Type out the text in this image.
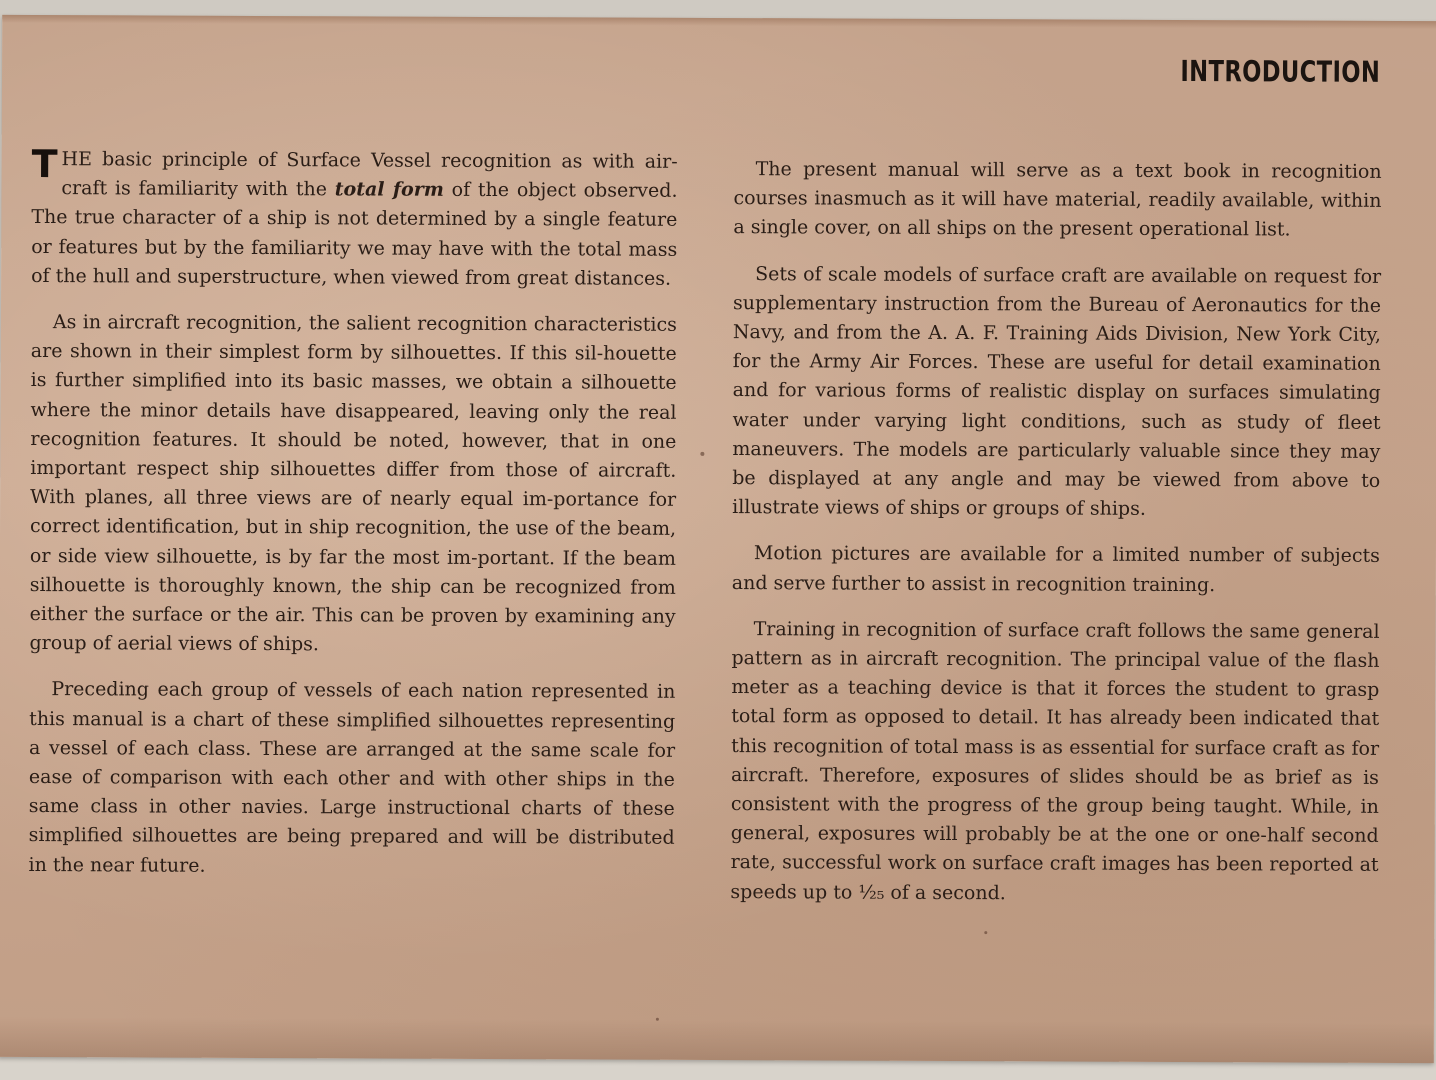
INTRODUCTION

THE basic principle of Surface Vessel recognition as with air-craft is familiarity with the total form of the object observed. The true character of a ship is not determined by a single feature or features but by the familiarity we may have with the total mass of the hull and superstructure, when viewed from great distances.

As in aircraft recognition, the salient recognition characteristics are shown in their simplest form by silhouettes. If this sil-houette is further simplified into its basic masses, we obtain a silhouette where the minor details have disappeared, leaving only the real recognition features. It should be noted, however, that in one important respect ship silhouettes differ from those of aircraft. With planes, all three views are of nearly equal im-portance for correct identification, but in ship recognition, the use of the beam, or side view silhouette, is by far the most im-portant. If the beam silhouette is thoroughly known, the ship can be recognized from either the surface or the air. This can be proven by examining any group of aerial views of ships.

Preceding each group of vessels of each nation represented in this manual is a chart of these simplified silhouettes representing a vessel of each class. These are arranged at the same scale for ease of comparison with each other and with other ships in the same class in other navies. Large instructional charts of these simplified silhouettes are being prepared and will be distributed in the near future.

The present manual will serve as a text book in recognition courses inasmuch as it will have material, readily available, within a single cover, on all ships on the present operational list.

Sets of scale models of surface craft are available on request for supplementary instruction from the Bureau of Aeronautics for the Navy, and from the A. A. F. Training Aids Division, New York City, for the Army Air Forces. These are useful for detail examination and for various forms of realistic display on surfaces simulating water under varying light conditions, such as study of fleet maneuvers. The models are particularly valuable since they may be displayed at any angle and may be viewed from above to illustrate views of ships or groups of ships.

Motion pictures are available for a limited number of subjects and serve further to assist in recognition training.

Training in recognition of surface craft follows the same general pattern as in aircraft recognition. The principal value of the flash meter as a teaching device is that it forces the student to grasp total form as opposed to detail. It has already been indicated that this recognition of total mass is as essential for surface craft as for aircraft. Therefore, exposures of slides should be as brief as is consistent with the progress of the group being taught. While, in general, exposures will probably be at the one or one-half second rate, successful work on surface craft images has been reported at speeds up to ⅟₂₅ of a second.
